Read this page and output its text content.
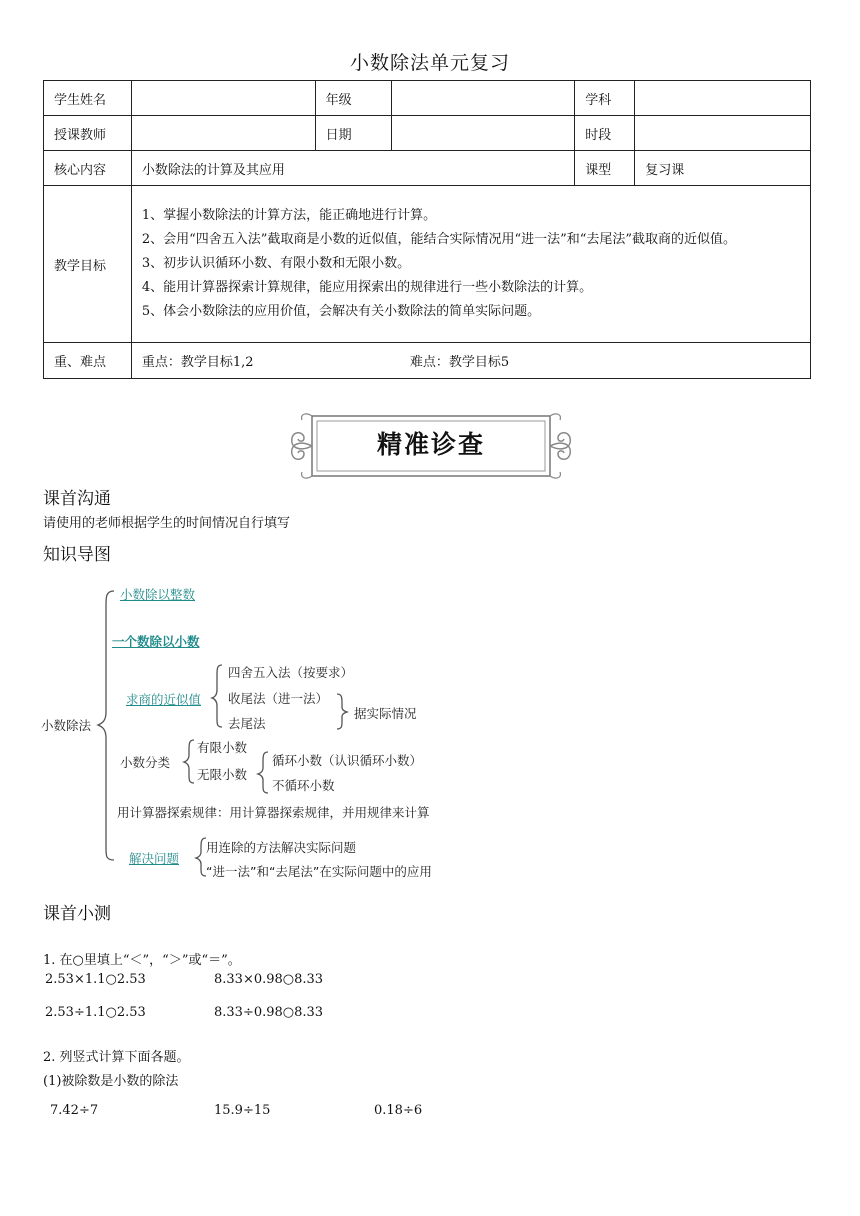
小数除法单元复习
学生姓名		年级		学科	
授课教师		日期		时段	
核心内容	小数除法的计算及其应用			课型	复习课
教学目标	1、掌握小数除法的计算方法，能正确地进行计算。
2、会用“四舍五入法”截取商是小数的近似值，能结合实际情况用“进一法”和“去尾法”截取商的近似值。
3、初步认识循环小数、有限小数和无限小数。
4、能用计算器探索计算规律，能应用探索出的规律进行一些小数除法的计算。
5、体会小数除法的应用价值，会解决有关小数除法的简单实际问题。				

重、难点	重点：教学目标1,2 难点：教学目标5				
精准诊查
课首沟通
请使用的老师根据学生的时间情况自行填写
知识导图
小数除法
小数除以整数
一个数除以小数
求商的近似值
四舍五入法（按要求）
收尾法（进一法）
去尾法
据实际情况
小数分类
有限小数
无限小数
循环小数（认识循环小数）
不循环小数
用计算器探索规律：用计算器探索规律，并用规律来计算
解决问题
用连除的方法解决实际问题
“进一法”和“去尾法”在实际问题中的应用
课首小测
1. 在○里填上“＜”，“＞”或“＝”。
2.53×1.1○2.53	8.33×0.98○8.33
2.53÷1.1○2.53	8.33÷0.98○8.33
2. 列竖式计算下面各题。
(1)被除数是小数的除法
7.42÷7	15.9÷15	0.18÷6
